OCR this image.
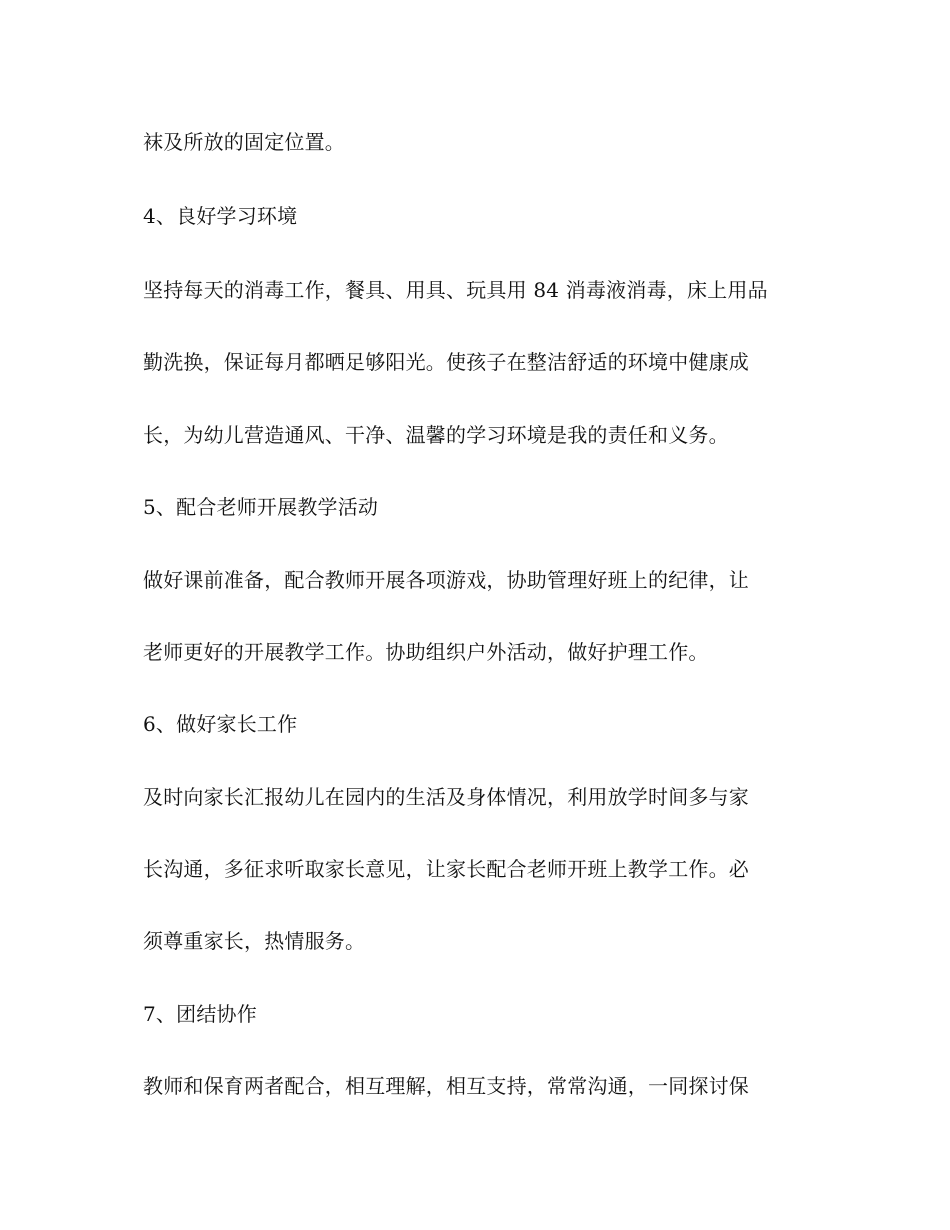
袜及所放的固定位置。
4、良好学习环境
坚持每天的消毒工作，餐具、用具、玩具用 84 消毒液消毒，床上用品
勤洗换，保证每月都晒足够阳光。使孩子在整洁舒适的环境中健康成
长，为幼儿营造通风、干净、温馨的学习环境是我的责任和义务。
5、配合老师开展教学活动
做好课前准备，配合教师开展各项游戏，协助管理好班上的纪律，让
老师更好的开展教学工作。协助组织户外活动，做好护理工作。
6、做好家长工作
及时向家长汇报幼儿在园内的生活及身体情况，利用放学时间多与家
长沟通，多征求听取家长意见，让家长配合老师开班上教学工作。必
须尊重家长，热情服务。
7、团结协作
教师和保育两者配合，相互理解，相互支持，常常沟通，一同探讨保
